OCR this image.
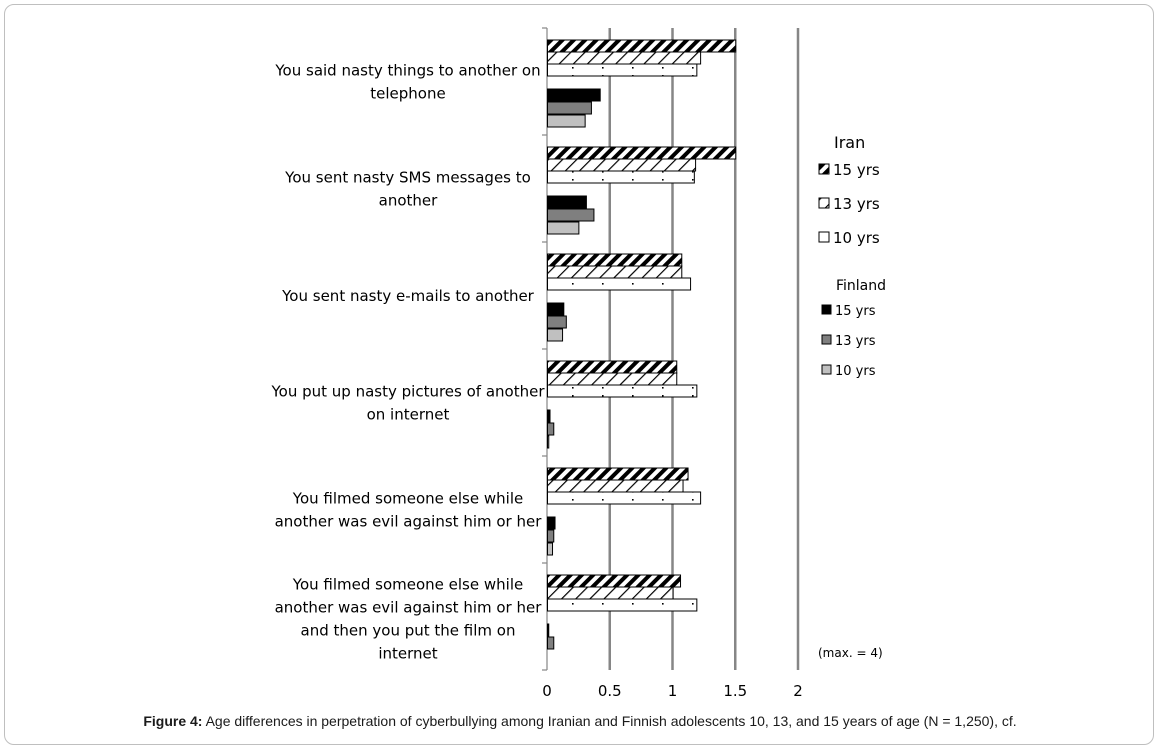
You said nasty things to another on
telephone
You sent nasty SMS messages to
another
You sent nasty e-mails to another
You put up nasty pictures of another
on internet
You filmed someone else while
another was evil against him or her
You filmed someone else while
another was evil against him or her
and then you put the film on
internet
0	0.5	1	1.5	2
Iran
15 yrs
13 yrs
10 yrs
Finland
15 yrs
13 yrs
10 yrs
(max. = 4)
Figure 4: Age differences in perpetration of cyberbullying among Iranian and Finnish adolescents 10, 13, and 15 years of age (N = 1,250), cf.
